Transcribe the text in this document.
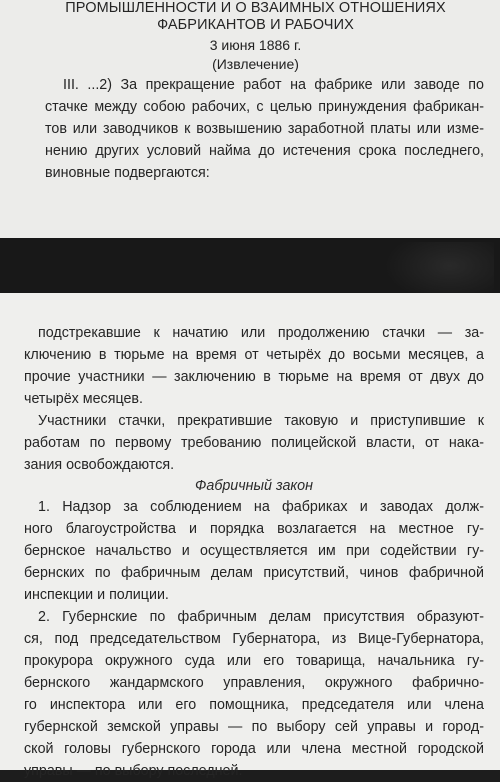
ПРОМЫШЛЕННОСТИ И О ВЗАИМНЫХ ОТНОШЕНИЯХ
ФАБРИКАНТОВ И РАБОЧИХ
3 июня 1886 г.
(Извлечение)
III. ...2) За прекращение работ на фабрике или заводе по
стачке между собою рабочих, с целью принуждения фабрикан-
тов или заводчиков к возвышению заработной платы или изме-
нению других условий найма до истечения срока последнего,
виновные подвергаются:
подстрекавшие к начатию или продолжению стачки — за-
ключению в тюрьме на время от четырёх до восьми месяцев, а
прочие участники — заключению в тюрьме на время от двух до
четырёх месяцев.
Участники стачки, прекратившие таковую и приступившие к
работам по первому требованию полицейской власти, от нака-
зания освобождаются.
Фабричный закон
1. Надзор за соблюдением на фабриках и заводах долж-
ного благоустройства и порядка возлагается на местное гу-
бернское начальство и осуществляется им при содействии гу-
бернских по фабричным делам присутствий, чинов фабричной
инспекции и полиции.
2. Губернские по фабричным делам присутствия образуют-
ся, под председательством Губернатора, из Вице-Губернатора,
прокурора окружного суда или его товарища, начальника гу-
бернского жандармского управления, окружного фабрично-
го инспектора или его помощника, председателя или члена
губернской земской управы — по выбору сей управы и город-
ской головы губернского города или члена местной городской
управы — по выбору последней.
